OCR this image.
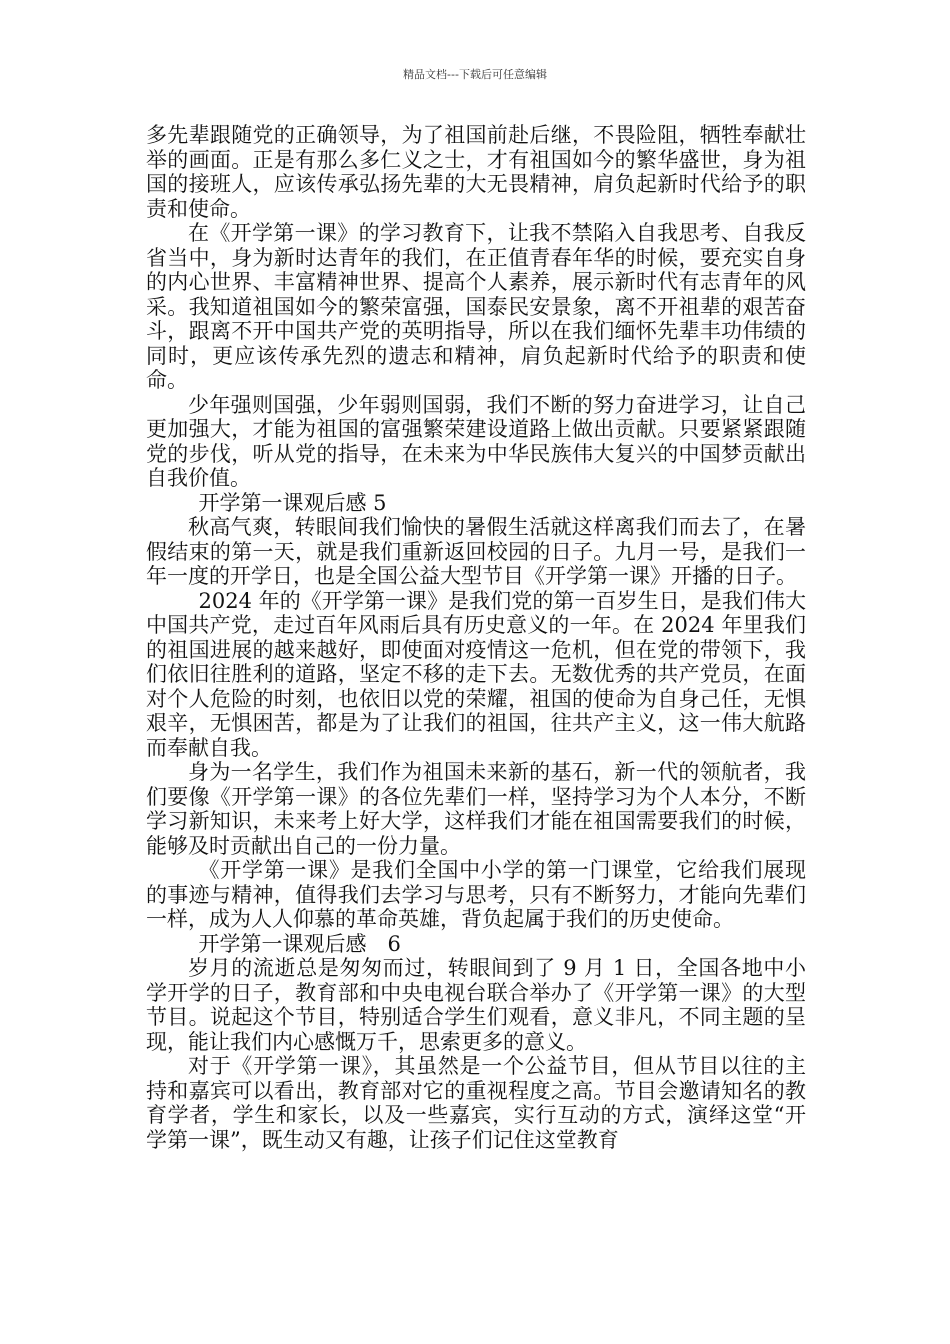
精品文档---下载后可任意编辑

多先辈跟随党的正确领导，为了祖国前赴后继，不畏险阻，牺牲奉献壮举的画面。正是有那么多仁义之士，才有祖国如今的繁华盛世，身为祖国的接班人，应该传承弘扬先辈的大无畏精神，肩负起新时代给予的职责和使命。

在《开学第一课》的学习教育下，让我不禁陷入自我思考、自我反省当中，身为新时达青年的我们，在正值青春年华的时候，要充实自身的内心世界、丰富精神世界、提高个人素养，展示新时代有志青年的风采。我知道祖国如今的繁荣富强，国泰民安景象，离不开祖辈的艰苦奋斗，跟离不开中国共产党的英明指导，所以在我们缅怀先辈丰功伟绩的同时，更应该传承先烈的遗志和精神，肩负起新时代给予的职责和使命。

少年强则国强，少年弱则国弱，我们不断的努力奋进学习，让自己更加强大，才能为祖国的富强繁荣建设道路上做出贡献。只要紧紧跟随党的步伐，听从党的指导，在未来为中华民族伟大复兴的中国梦贡献出自我价值。

开学第一课观后感 5

秋高气爽，转眼间我们愉快的暑假生活就这样离我们而去了，在暑假结束的第一天，就是我们重新返回校园的日子。九月一号，是我们一年一度的开学日，也是全国公益大型节目《开学第一课》开播的日子。

2024 年的《开学第一课》是我们党的第一百岁生日，是我们伟大中国共产党，走过百年风雨后具有历史意义的一年。在 2024 年里我们的祖国进展的越来越好，即使面对疫情这一危机，但在党的带领下，我们依旧往胜利的道路，坚定不移的走下去。无数优秀的共产党员，在面对个人危险的时刻，也依旧以党的荣耀，祖国的使命为自身己任，无惧艰辛，无惧困苦，都是为了让我们的祖国，往共产主义，这一伟大航路而奉献自我。

身为一名学生，我们作为祖国未来新的基石，新一代的领航者，我们要像《开学第一课》的各位先辈们一样，坚持学习为个人本分，不断学习新知识，未来考上好大学，这样我们才能在祖国需要我们的时候，能够及时贡献出自己的一份力量。

《开学第一课》是我们全国中小学的第一门课堂，它给我们展现的事迹与精神，值得我们去学习与思考，只有不断努力，才能向先辈们一样，成为人人仰慕的革命英雄，背负起属于我们的历史使命。

开学第一课观后感　6

岁月的流逝总是匆匆而过，转眼间到了 9 月 1 日，全国各地中小学开学的日子，教育部和中央电视台联合举办了《开学第一课》的大型节目。说起这个节目，特别适合学生们观看，意义非凡，不同主题的呈现，能让我们内心感慨万千，思索更多的意义。

对于《开学第一课》，其虽然是一个公益节目，但从节目以往的主持和嘉宾可以看出，教育部对它的重视程度之高。节目会邀请知名的教育学者，学生和家长，以及一些嘉宾，实行互动的方式，演绎这堂“开学第一课”，既生动又有趣，让孩子们记住这堂教育
